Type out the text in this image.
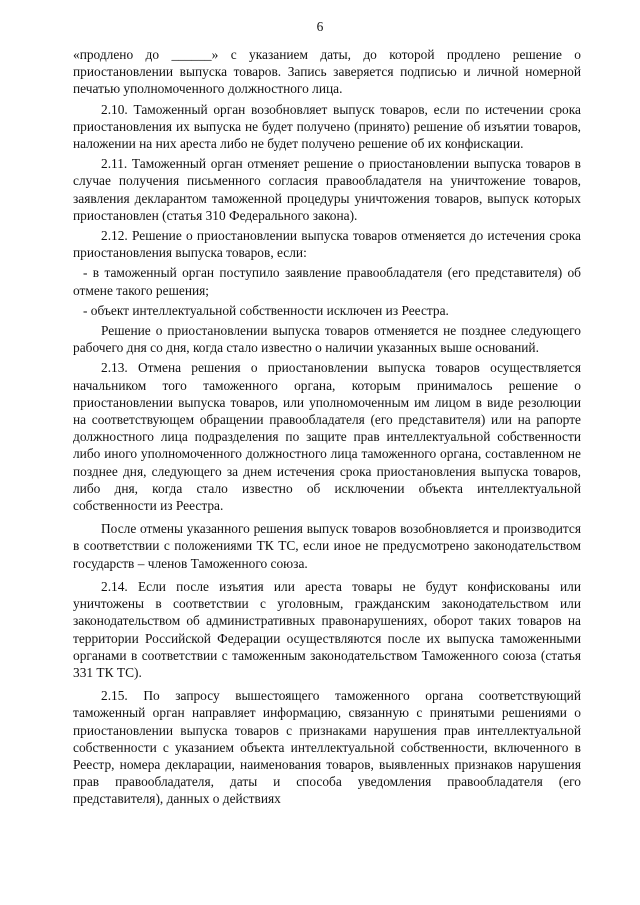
6

«продлено до ______» с указанием даты, до которой продлено решение о приостановлении выпуска товаров. Запись заверяется подписью и личной номерной печатью уполномоченного должностного лица.

2.10. Таможенный орган возобновляет выпуск товаров, если по истечении срока приостановления их выпуска не будет получено (принято) решение об изъятии товаров, наложении на них ареста либо не будет получено решение об их конфискации.

2.11. Таможенный орган отменяет решение о приостановлении выпуска товаров в случае получения письменного согласия правообладателя на уничтожение товаров, заявления декларантом таможенной процедуры уничтожения товаров, выпуск которых приостановлен (статья 310 Федерального закона).

2.12. Решение о приостановлении выпуска товаров отменяется до истечения срока приостановления выпуска товаров, если:

- в таможенный орган поступило заявление правообладателя (его представителя) об отмене такого решения;

- объект интеллектуальной собственности исключен из Реестра.

Решение о приостановлении выпуска товаров отменяется не позднее следующего рабочего дня со дня, когда стало известно о наличии указанных выше оснований.

2.13. Отмена решения о приостановлении выпуска товаров осуществляется начальником того таможенного органа, которым принималось решение о приостановлении выпуска товаров, или уполномоченным им лицом в виде резолюции на соответствующем обращении правообладателя (его представителя) или на рапорте должностного лица подразделения по защите прав интеллектуальной собственности либо иного уполномоченного должностного лица таможенного органа, составленном не позднее дня, следующего за днем истечения срока приостановления выпуска товаров, либо дня, когда стало известно об исключении объекта интеллектуальной собственности из Реестра.

После отмены указанного решения выпуск товаров возобновляется и производится в соответствии с положениями ТК ТС, если иное не предусмотрено законодательством государств – членов Таможенного союза.

2.14. Если после изъятия или ареста товары не будут конфискованы или уничтожены в соответствии с уголовным, гражданским законодательством или законодательством об административных правонарушениях, оборот таких товаров на территории Российской Федерации осуществляются после их выпуска таможенными органами в соответствии с таможенным законодательством Таможенного союза (статья 331 ТК ТС).

2.15. По запросу вышестоящего таможенного органа соответствующий таможенный орган направляет информацию, связанную с принятыми решениями о приостановлении выпуска товаров с признаками нарушения прав интеллектуальной собственности с указанием объекта интеллектуальной собственности, включенного в Реестр, номера декларации, наименования товаров, выявленных признаков нарушения прав правообладателя, даты и способа уведомления правообладателя (его представителя), данных о действиях
